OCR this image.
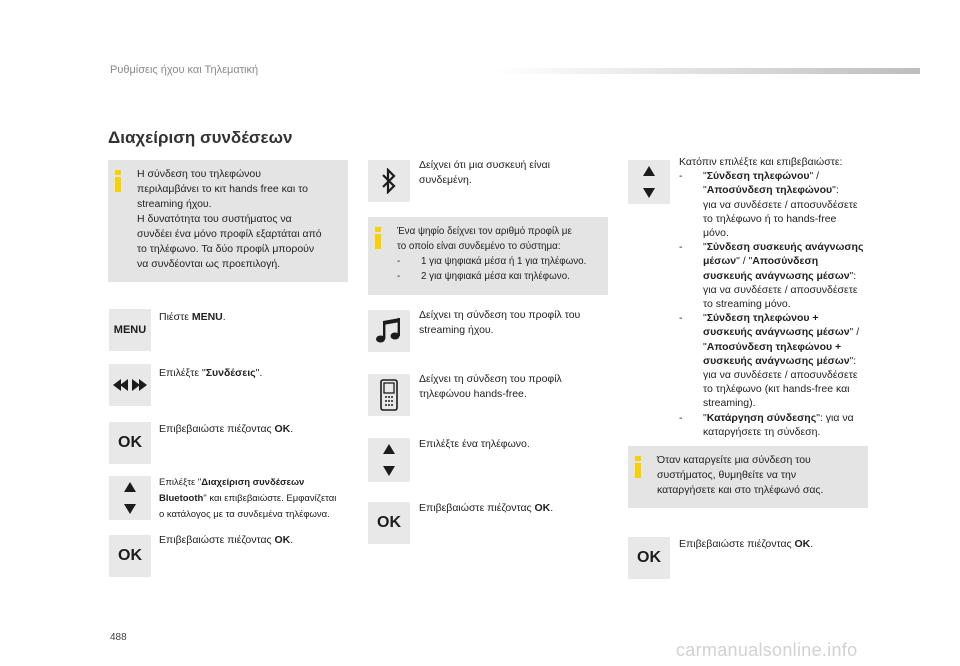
Ρυθμίσεις ήχου και Τηλεματική
Διαχείριση συνδέσεων
Η σύνδεση του τηλεφώνου
περιλαμβάνει το κιτ hands free και το
streaming ήχου.
Η δυνατότητα του συστήματος να
συνδέει ένα μόνο προφίλ εξαρτάται από
το τηλέφωνο. Τα δύο προφίλ μπορούν
να συνδέονται ως προεπιλογή.
MENU
OK
OK
Πιέστε MENU.
Επιλέξτε "Συνδέσεις".
Επιβεβαιώστε πιέζοντας OK.
Επιλέξτε "Διαχείριση συνδέσεων
Bluetooth" και επιβεβαιώστε. Εμφανίζεται
ο κατάλογος με τα συνδεμένα τηλέφωνα.
Επιβεβαιώστε πιέζοντας OK.
OK
Δείχνει ότι μια συσκευή είναι
συνδεμένη.
Ένα ψηφίο δείχνει τον αριθμό προφίλ με
το οποίο είναι συνδεμένο το σύστημα:
- 1 για ψηφιακά μέσα ή 1 για τηλέφωνο.
- 2 για ψηφιακά μέσα και τηλέφωνο.
Δείχνει τη σύνδεση του προφίλ του
streaming ήχου.
Δείχνει τη σύνδεση του προφίλ
τηλεφώνου hands-free.
Επιλέξτε ένα τηλέφωνο.
Επιβεβαιώστε πιέζοντας OK.
Κατόπιν επιλέξτε και επιβεβαιώστε:
- "Σύνδεση τηλεφώνου" /
"Αποσύνδεση τηλεφώνου":
για να συνδέσετε / αποσυνδέσετε
το τηλέφωνο ή το hands-free
μόνο.
- "Σύνδεση συσκευής ανάγνωσης
μέσων" / "Αποσύνδεση
συσκευής ανάγνωσης μέσων":
για να συνδέσετε / αποσυνδέσετε
το streaming μόνο.
- "Σύνδεση τηλεφώνου +
συσκευής ανάγνωσης μέσων" /
"Αποσύνδεση τηλεφώνου +
συσκευής ανάγνωσης μέσων":
για να συνδέσετε / αποσυνδέσετε
το τηλέφωνο (κιτ hands-free και
streaming).
- "Κατάργηση σύνδεσης": για να
καταργήσετε τη σύνδεση.
Όταν καταργείτε μια σύνδεση του
συστήματος, θυμηθείτε να την
καταργήσετε και στο τηλέφωνό σας.
OK
Επιβεβαιώστε πιέζοντας OK.
488
carmanualsonline.info
